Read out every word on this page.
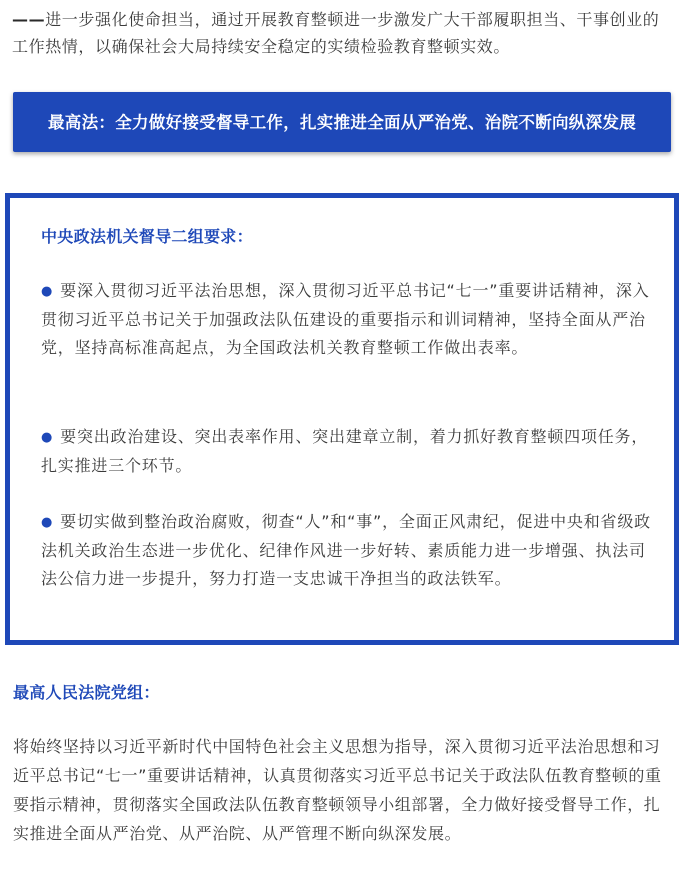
——进一步强化使命担当，通过开展教育整顿进一步激发广大干部履职担当、干事创业的工作热情，以确保社会大局持续安全稳定的实绩检验教育整顿实效。

最高法：全力做好接受督导工作，扎实推进全面从严治党、治院不断向纵深发展

中央政法机关督导二组要求：

● 要深入贯彻习近平法治思想，深入贯彻习近平总书记“七一”重要讲话精神，深入贯彻习近平总书记关于加强政法队伍建设的重要指示和训词精神，坚持全面从严治党，坚持高标准高起点，为全国政法机关教育整顿工作做出表率。

● 要突出政治建设、突出表率作用、突出建章立制，着力抓好教育整顿四项任务，扎实推进三个环节。

● 要切实做到整治政治腐败，彻查“人”和“事”，全面正风肃纪，促进中央和省级政法机关政治生态进一步优化、纪律作风进一步好转、素质能力进一步增强、执法司法公信力进一步提升，努力打造一支忠诚干净担当的政法铁军。

最高人民法院党组：

将始终坚持以习近平新时代中国特色社会主义思想为指导，深入贯彻习近平法治思想和习近平总书记“七一”重要讲话精神，认真贯彻落实习近平总书记关于政法队伍教育整顿的重要指示精神，贯彻落实全国政法队伍教育整顿领导小组部署，全力做好接受督导工作，扎实推进全面从严治党、从严治院、从严管理不断向纵深发展。
